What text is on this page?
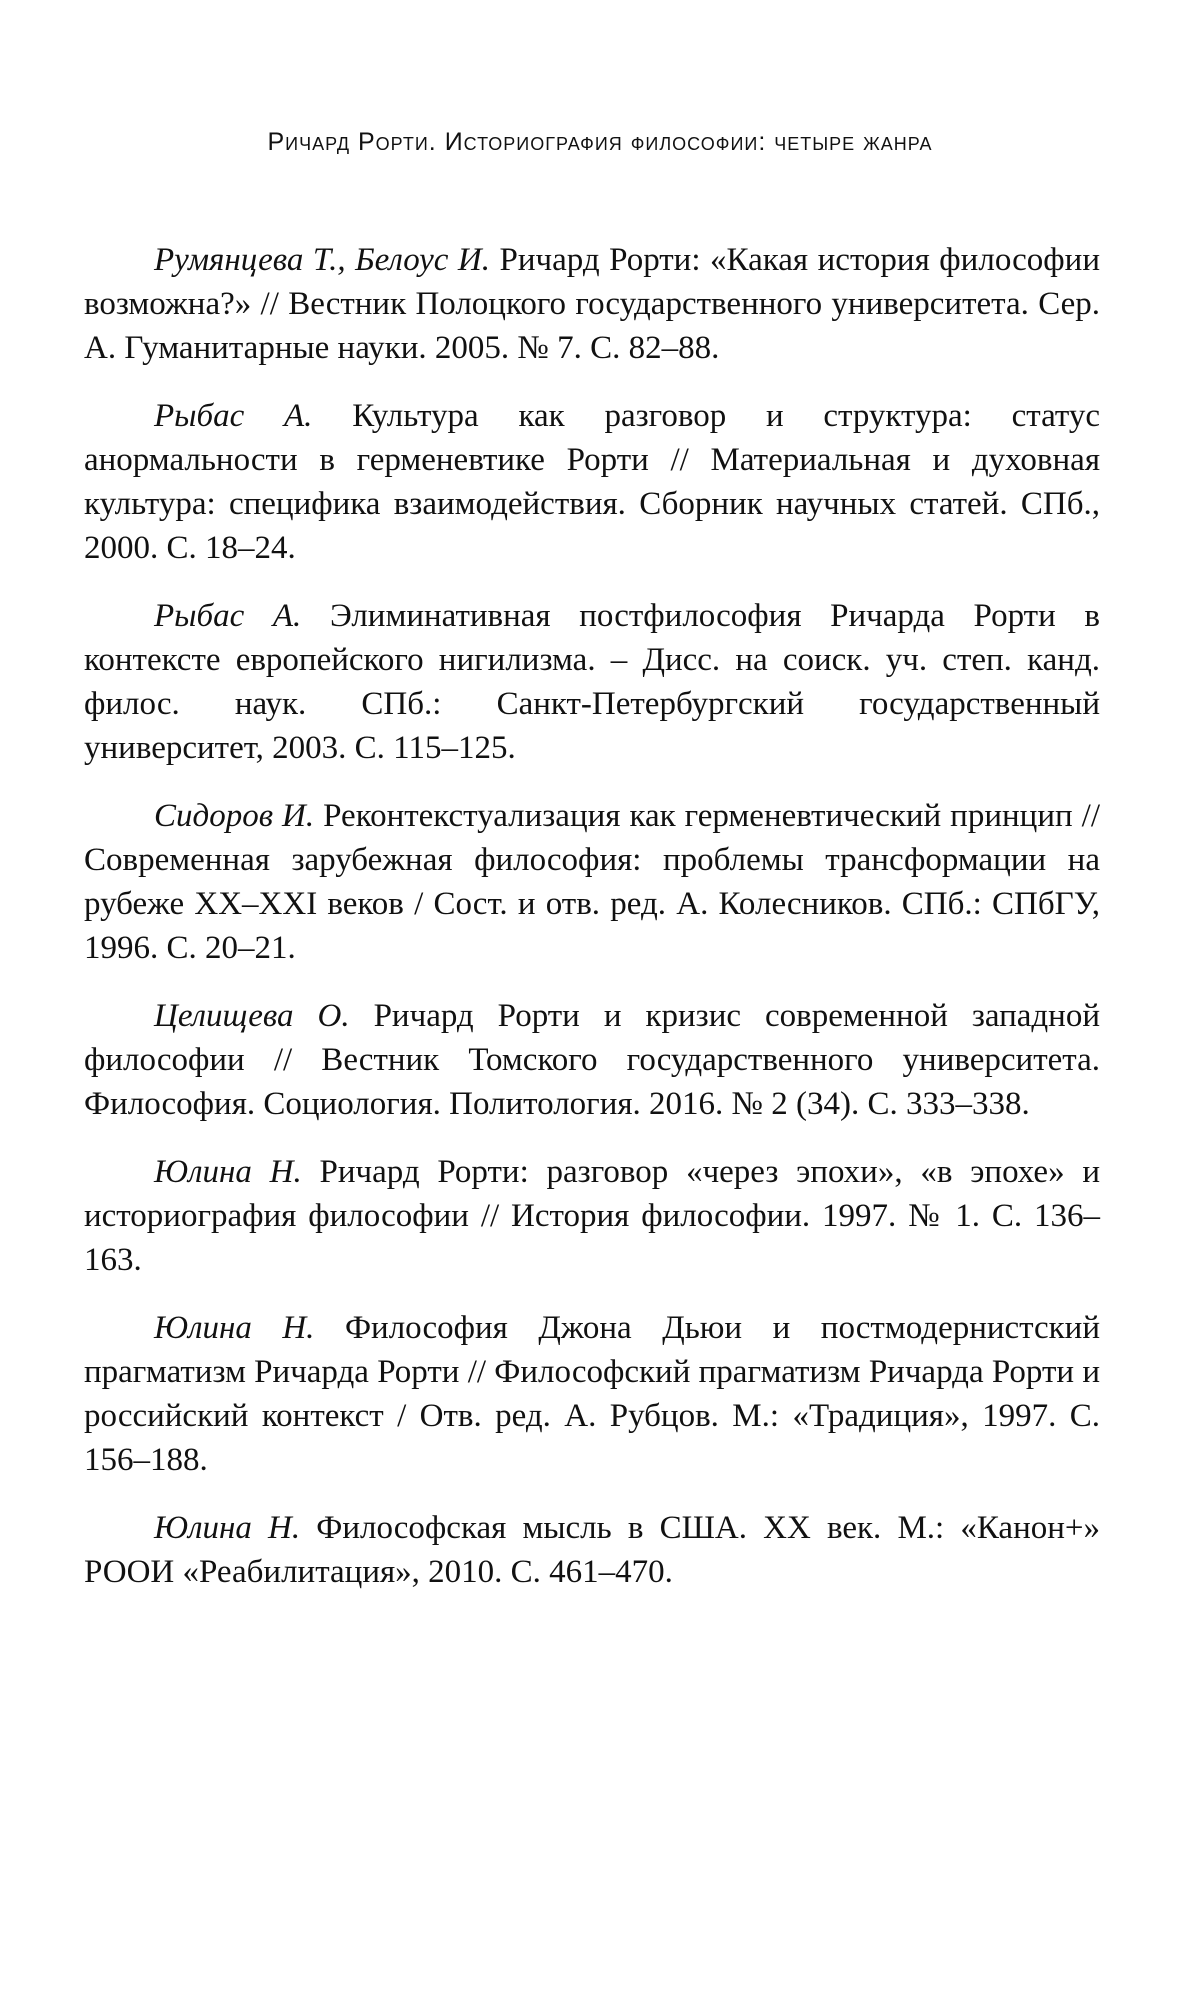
Ричард Рорти. Историография философии: четыре жанра

Румянцева Т., Белоус И. Ричард Рорти: «Какая история философии возможна?» // Вестник Полоцкого государственного университета. Сер. А. Гуманитарные науки. 2005. № 7. С. 82–88.

Рыбас А. Культура как разговор и структура: статус анормальности в герменевтике Рорти // Материальная и духовная культура: специфика взаимодействия. Сборник научных статей. СПб., 2000. С. 18–24.

Рыбас А. Элиминативная постфилософия Ричарда Рорти в контексте европейского нигилизма. – Дисс. на соиск. уч. степ. канд. филос. наук. СПб.: Санкт-Петербургский государственный университет, 2003. С. 115–125.

Сидоров И. Реконтекстуализация как герменевтический принцип // Современная зарубежная философия: проблемы трансформации на рубеже XX–XXI веков / Сост. и отв. ред. А. Колесников. СПб.: СПбГУ, 1996. С. 20–21.

Целищева О. Ричард Рорти и кризис современной западной философии // Вестник Томского государственного университета. Философия. Социология. Политология. 2016. № 2 (34). С. 333–338.

Юлина Н. Ричард Рорти: разговор «через эпохи», «в эпохе» и историография философии // История философии. 1997. № 1. С. 136–163.

Юлина Н. Философия Джона Дьюи и постмодернистский прагматизм Ричарда Рорти // Философский прагматизм Ричарда Рорти и российский контекст / Отв. ред. А. Рубцов. М.: «Традиция», 1997. С. 156–188.

Юлина Н. Философская мысль в США. XX век. М.: «Канон+» РООИ «Реабилитация», 2010. С. 461–470.
